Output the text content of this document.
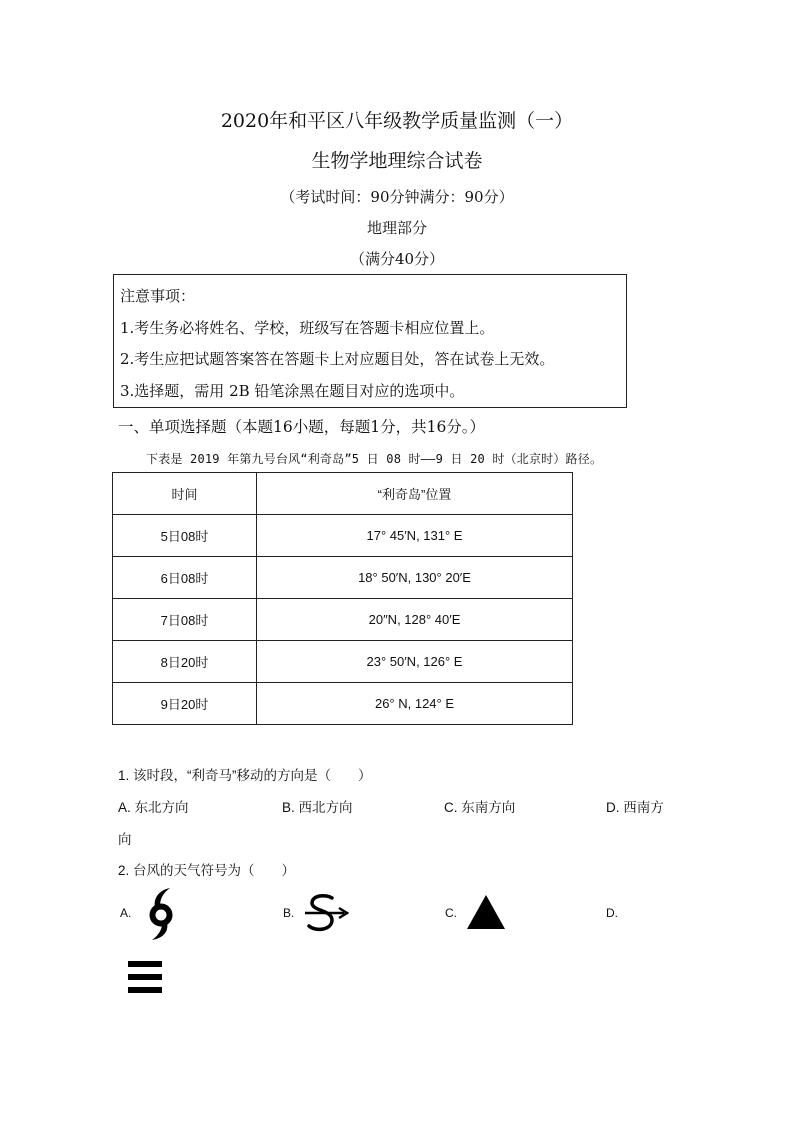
2020年和平区八年级教学质量监测（一）
生物学地理综合试卷
（考试时间：90分钟满分：90分）
地理部分
（满分40分）
注意事项：
1.考生务必将姓名、学校，班级写在答题卡相应位置上。
2.考生应把试题答案答在答题卡上对应题目处，答在试卷上无效。
3.选择题，需用 2B 铅笔涂黑在题目对应的选项中。
一、单项选择题（本题16小题，每题1分，共16分。）
下表是 2019 年第九号台风“利奇岛”5 日 08 时——9 日 20 时（北京时）路径。
时间	“利奇岛”位置
5日08时	17° 45′N, 131° E
6日08时	18° 50′N, 130° 20′E
7日08时	20″N, 128° 40′E
8日20时	23° 50′N, 126° E
9日20时	26° N, 124° E
1. 该时段，“利奇马”移动的方向是（　　）
A. 东北方向	B. 西北方向	C. 东南方向	D. 西南方
向
2. 台风的天气符号为（　　）
A.	B.	C.	D.
